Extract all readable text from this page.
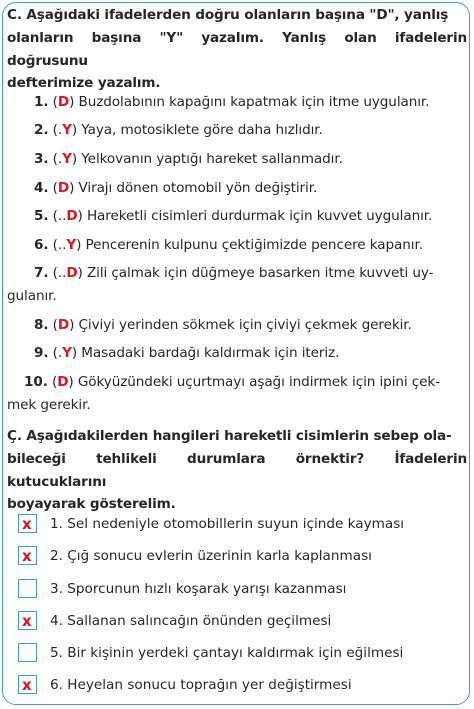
C. Aşağıdaki ifadelerden doğru olanların başına "D", yanlış

olanların başına "Y" yazalım. Yanlış olan ifadelerin doğrusunu

defterimize yazalım.

1. (D) Buzdolabının kapağını kapatmak için itme uygulanır.
2. (.Y) Yaya, motosiklete göre daha hızlıdır.
3. (.Y) Yelkovanın yaptığı hareket sallanmadır.
4. (D) Virajı dönen otomobil yön değiştirir.
5. (..D) Hareketli cisimleri durdurmak için kuvvet uygulanır.
6. (..Y) Pencerenin kulpunu çektiğimizde pencere kapanır.
7. (..D) Zili çalmak için düğmeye basarken itme kuvveti uy-
gulanır.
8. (D) Çiviyi yerinden sökmek için çiviyi çekmek gerekir.
9. (.Y) Masadaki bardağı kaldırmak için iteriz.
10. (D) Gökyüzündeki uçurtmayı aşağı indirmek için ipini çek-
mek gerekir.

Ç. Aşağıdakilerden hangileri hareketli cisimlerin sebep ola-

bileceği tehlikeli durumlara örnektir? İfadelerin kutucuklarını

boyayarak gösterelim.

x 1. Sel nedeniyle otomobillerin suyun içinde kayması
x 2. Çığ sonucu evlerin üzerinin karla kaplanması
3. Sporcunun hızlı koşarak yarışı kazanması
x 4. Sallanan salıncağın önünden geçilmesi
5. Bir kişinin yerdeki çantayı kaldırmak için eğilmesi
x 6. Heyelan sonucu toprağın yer değiştirmesi
